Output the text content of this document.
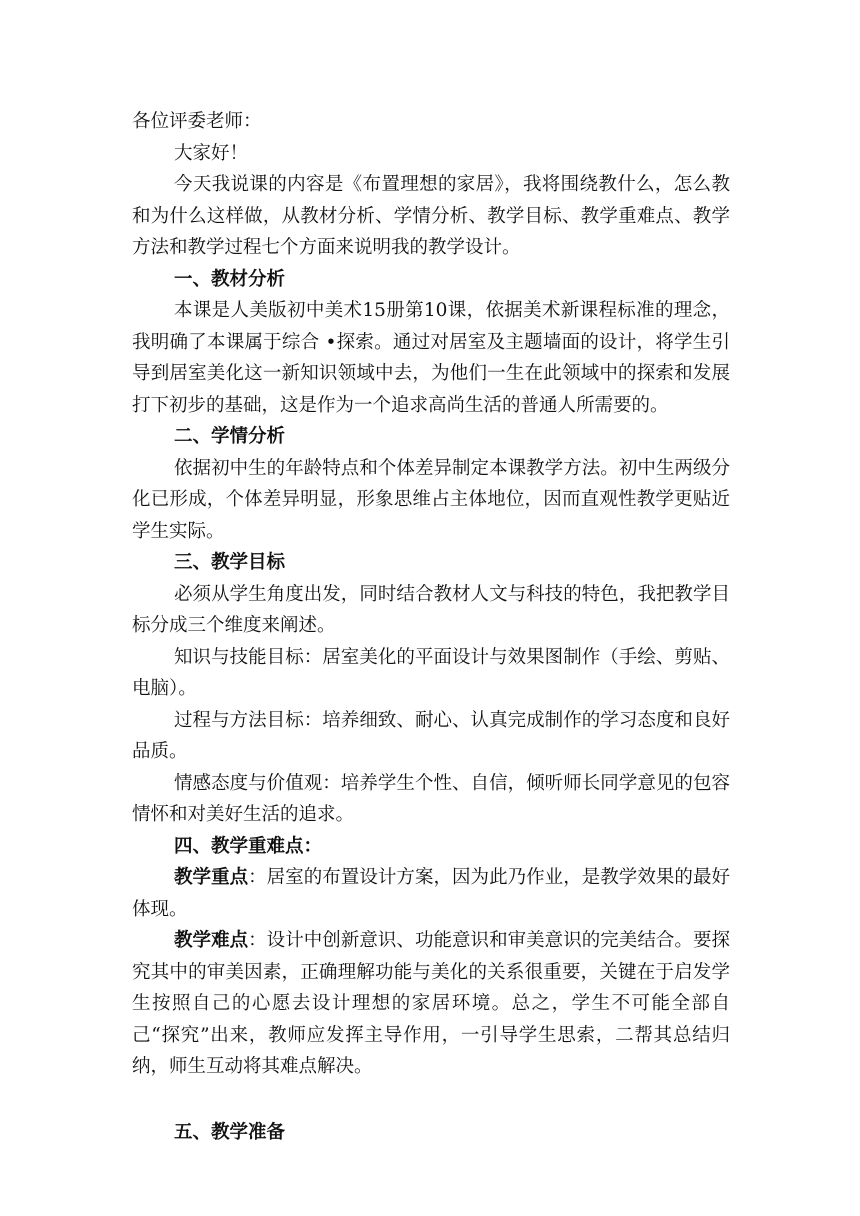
各位评委老师：

大家好！

今天我说课的内容是《布置理想的家居》，我将围绕教什么，怎么教和为什么这样做，从教材分析、学情分析、教学目标、教学重难点、教学方法和教学过程七个方面来说明我的教学设计。

一、教材分析

本课是人美版初中美术15册第10课，依据美术新课程标准的理念，我明确了本课属于综合 •探索。通过对居室及主题墙面的设计，将学生引导到居室美化这一新知识领域中去，为他们一生在此领域中的探索和发展打下初步的基础，这是作为一个追求高尚生活的普通人所需要的。

二、学情分析

依据初中生的年龄特点和个体差异制定本课教学方法。初中生两级分化已形成，个体差异明显，形象思维占主体地位，因而直观性教学更贴近学生实际。

三、教学目标

必须从学生角度出发，同时结合教材人文与科技的特色，我把教学目标分成三个维度来阐述。

知识与技能目标：居室美化的平面设计与效果图制作（手绘、剪贴、电脑）。

过程与方法目标：培养细致、耐心、认真完成制作的学习态度和良好品质。

情感态度与价值观：培养学生个性、自信，倾听师长同学意见的包容情怀和对美好生活的追求。

四、教学重难点：

教学重点：居室的布置设计方案，因为此乃作业，是教学效果的最好体现。

教学难点：设计中创新意识、功能意识和审美意识的完美结合。要探究其中的审美因素，正确理解功能与美化的关系很重要，关键在于启发学生按照自己的心愿去设计理想的家居环境。总之，学生不可能全部自己“探究”出来，教师应发挥主导作用，一引导学生思索，二帮其总结归纳，师生互动将其难点解决。

五、教学准备
